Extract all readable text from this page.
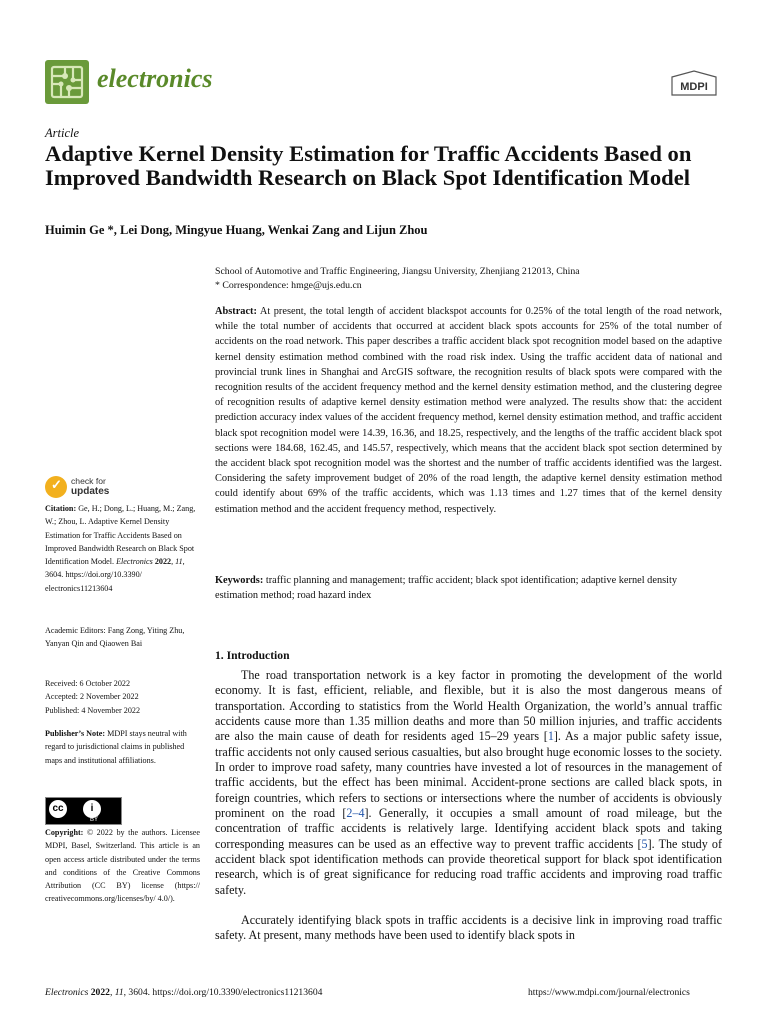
electronics	MDPI
Article
Adaptive Kernel Density Estimation for Traffic Accidents Based on Improved Bandwidth Research on Black Spot Identification Model
Huimin Ge *, Lei Dong, Mingyue Huang, Wenkai Zang and Lijun Zhou
School of Automotive and Traffic Engineering, Jiangsu University, Zhenjiang 212013, China
* Correspondence: hmge@ujs.edu.cn

Abstract: At present, the total length of accident blackspot accounts for 0.25% of the total length of the road network, while the total number of accidents that occurred at accident black spots accounts for 25% of the total number of accidents on the road network. This paper describes a traffic accident black spot recognition model based on the adaptive kernel density estimation method combined with the road risk index. Using the traffic accident data of national and provincial trunk lines in Shanghai and ArcGIS software, the recognition results of black spots were compared with the recognition results of the accident frequency method and the kernel density estimation method, and the clustering degree of recognition results of adaptive kernel density estimation method were analyzed. The results show that: the accident prediction accuracy index values of the accident frequency method, kernel density estimation method, and traffic accident black spot recognition model were 14.39, 16.36, and 18.25, respectively, and the lengths of the traffic accident black spot sections were 184.68, 162.45, and 145.57, respectively, which means that the accident black spot section determined by the accident black spot recognition model was the shortest and the number of traffic accidents identified was the largest. Considering the safety improvement budget of 20% of the road length, the adaptive kernel density estimation method could identify about 69% of the traffic accidents, which was 1.13 times and 1.27 times that of the kernel density estimation method and the accident frequency method, respectively.

Keywords: traffic planning and management; traffic accident; black spot identification; adaptive kernel density estimation method; road hazard index

✓ check for
updates

Citation: Ge, H.; Dong, L.; Huang, M.; Zang, W.; Zhou, L. Adaptive Kernel Density Estimation for Traffic Accidents Based on Improved Bandwidth Research on Black Spot Identification Model. Electronics 2022, 11, 3604. https://doi.org/10.3390/ electronics11213604

Academic Editors: Fang Zong, Yiting Zhu, Yanyan Qin and Qiaowen Bai

Received: 6 October 2022
Accepted: 2 November 2022
Published: 4 November 2022

Publisher’s Note: MDPI stays neutral with regard to jurisdictional claims in published maps and institutional affiliations.

cc	i
BY

Copyright: © 2022 by the authors. Licensee MDPI, Basel, Switzerland. This article is an open access article distributed under the terms and conditions of the Creative Commons Attribution (CC BY) license (https:// creativecommons.org/licenses/by/ 4.0/).

1. Introduction

The road transportation network is a key factor in promoting the development of the world economy. It is fast, efficient, reliable, and flexible, but it is also the most dangerous means of transportation. According to statistics from the World Health Organization, the world’s annual traffic accidents cause more than 1.35 million deaths and more than 50 million injuries, and traffic accidents are also the main cause of death for residents aged 15–29 years [1]. As a major public safety issue, traffic accidents not only caused serious casualties, but also brought huge economic losses to the society. In order to improve road safety, many countries have invested a lot of resources in the management of traffic accidents, but the effect has been minimal. Accident-prone sections are called black spots, in foreign countries, which refers to sections or intersections where the number of accidents is obviously prominent on the road [2–4]. Generally, it occupies a small amount of road mileage, but the concentration of traffic accidents is relatively large. Identifying accident black spots and taking corresponding measures can be used as an effective way to prevent traffic accidents [5]. The study of accident black spot identification methods can provide theoretical support for black spot identification research, which is of great significance for reducing road traffic accidents and improving road traffic safety.

Accurately identifying black spots in traffic accidents is a decisive link in improving road traffic safety. At present, many methods have been used to identify black spots in

Electronics 2022, 11, 3604. https://doi.org/10.3390/electronics11213604	https://www.mdpi.com/journal/electronics
